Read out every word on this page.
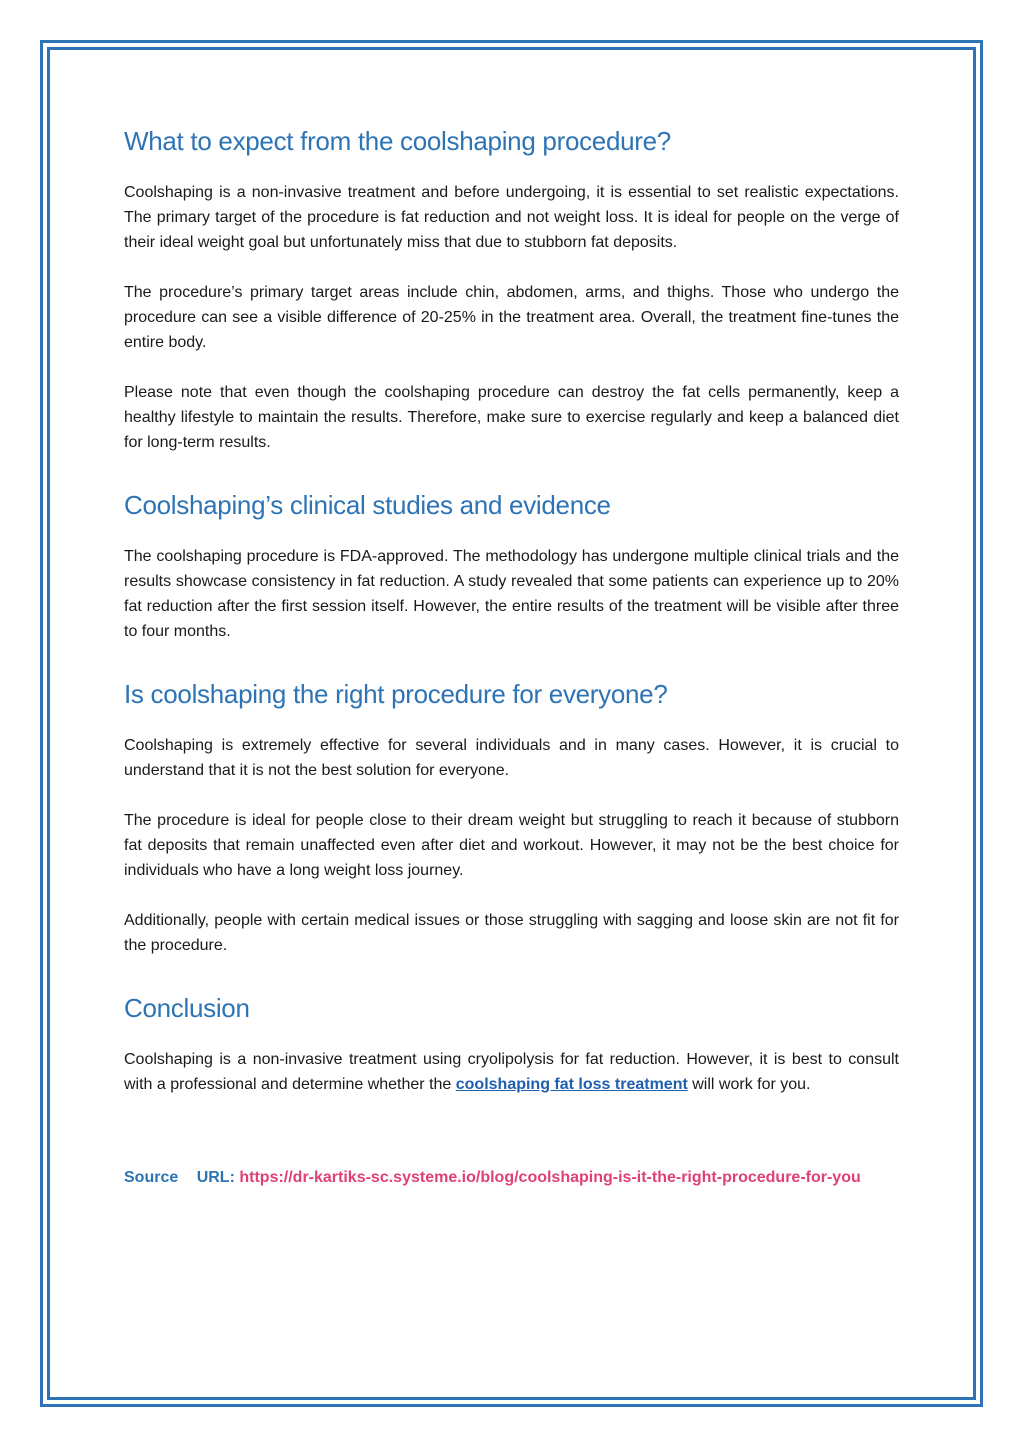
What to expect from the coolshaping procedure?

Coolshaping is a non-invasive treatment and before undergoing, it is essential to set realistic expectations. The primary target of the procedure is fat reduction and not weight loss. It is ideal for people on the verge of their ideal weight goal but unfortunately miss that due to stubborn fat deposits.

The procedure’s primary target areas include chin, abdomen, arms, and thighs. Those who undergo the procedure can see a visible difference of 20-25% in the treatment area. Overall, the treatment fine-tunes the entire body.

Please note that even though the coolshaping procedure can destroy the fat cells permanently, keep a healthy lifestyle to maintain the results. Therefore, make sure to exercise regularly and keep a balanced diet for long-term results.

Coolshaping’s clinical studies and evidence

The coolshaping procedure is FDA-approved. The methodology has undergone multiple clinical trials and the results showcase consistency in fat reduction. A study revealed that some patients can experience up to 20% fat reduction after the first session itself. However, the entire results of the treatment will be visible after three to four months.

Is coolshaping the right procedure for everyone?

Coolshaping is extremely effective for several individuals and in many cases. However, it is crucial to understand that it is not the best solution for everyone.

The procedure is ideal for people close to their dream weight but struggling to reach it because of stubborn fat deposits that remain unaffected even after diet and workout. However, it may not be the best choice for individuals who have a long weight loss journey.

Additionally, people with certain medical issues or those struggling with sagging and loose skin are not fit for the procedure.

Conclusion

Coolshaping is a non-invasive treatment using cryolipolysis for fat reduction. However, it is best to consult with a professional and determine whether the coolshaping fat loss treatment will work for you.

Source URL: https://dr-kartiks-sc.systeme.io/blog/coolshaping-is-it-the-right-procedure-for-you
